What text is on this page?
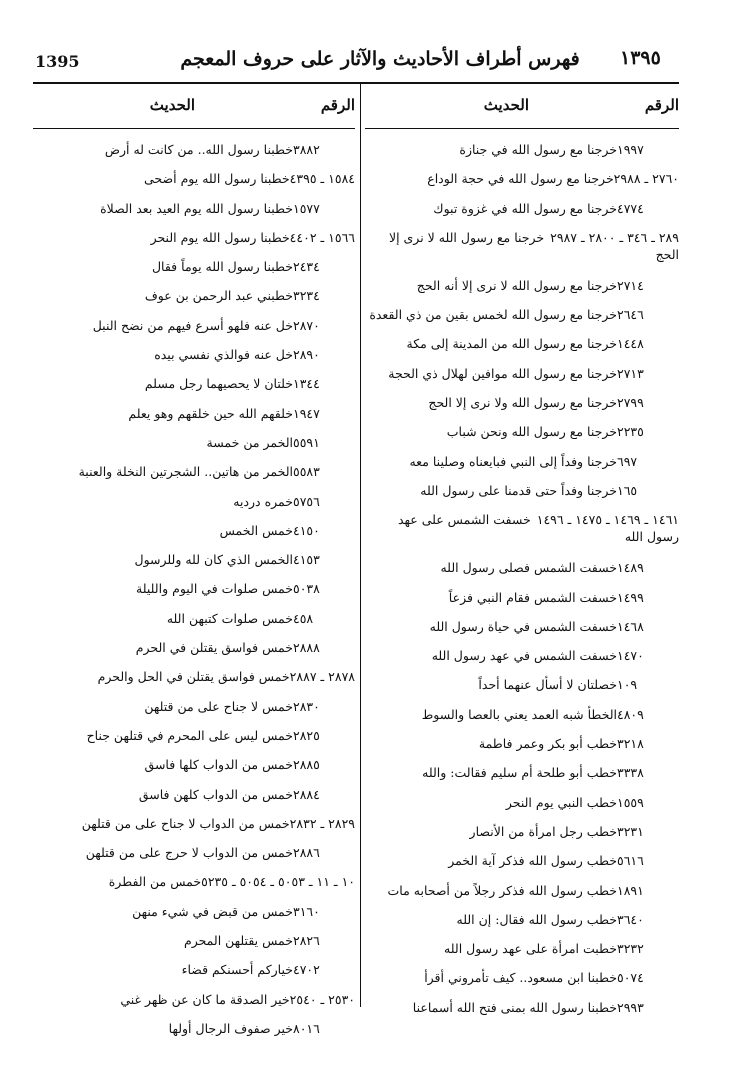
1395	فهرس أطراف الأحاديث والآثار على حروف المعجم ١٣٩٥
الرقم
الحديث
١٩٩٧
خرجنا مع رسول الله في جنازة
٢٧٦٠ ـ ٢٩٨٨
خرجنا مع رسول الله في حجة الوداع
٤٧٧٤
خرجنا مع رسول الله في غزوة تبوك
٢٨٩ ـ ٣٤٦ ـ ٢٨٠٠ ـ ٢٩٨٧خرجنا مع رسول الله لا نرى إلا الحج
٢٧١٤
خرجنا مع رسول الله لا نرى إلا أنه الحج
٢٦٤٦
خرجنا مع رسول الله لخمس بقين من ذي القعدة
١٤٤٨
خرجنا مع رسول الله من المدينة إلى مكة
٢٧١٣
خرجنا مع رسول الله موافين لهلال ذي الحجة
٢٧٩٩
خرجنا مع رسول الله ولا نرى إلا الحج
٢٢٣٥
خرجنا مع رسول الله ونحن شباب
٦٩٧
خرجنا وفداً إلى النبي فبايعناه وصلينا معه
١٦٥
خرجنا وفداً حتى قدمنا على رسول الله
١٤٦١ ـ ١٤٦٩ ـ ١٤٧٥ ـ ١٤٩٦خسفت الشمس على عهد رسول الله
١٤٨٩
خسفت الشمس فصلى رسول الله
١٤٩٩
خسفت الشمس فقام النبي فزعاً
١٤٦٨
خسفت الشمس في حياة رسول الله
١٤٧٠
خسفت الشمس في عهد رسول الله
١٠٩
خصلتان لا أسأل عنهما أحداً
٤٨٠٩
الخطأ شبه العمد يعني بالعصا والسوط
٣٢١٨
خطب أبو بكر وعمر فاطمة
٣٣٣٨
خطب أبو طلحة أم سليم فقالت: والله
١٥٥٩
خطب النبي يوم النحر
٣٢٣١
خطب رجل امرأة من الأنصار
٥٦١٦
خطب رسول الله فذكر آية الخمر
١٨٩١
خطب رسول الله فذكر رجلاً من أصحابه مات
٣٦٤٠
خطب رسول الله فقال: إن الله
٣٢٣٢
خطبت امرأة على عهد رسول الله
٥٠٧٤
خطبنا ابن مسعود.. كيف تأمروني أقرأ
٢٩٩٣
خطبنا رسول الله بمنى فتح الله أسماعنا
الرقم
الحديث
٣٨٨٢
خطبنا رسول الله.. من كانت له أرض
١٥٨٤ ـ ٤٣٩٥
خطبنا رسول الله يوم أضحى
١٥٧٧
خطبنا رسول الله يوم العيد بعد الصلاة
١٥٦٦ ـ ٤٤٠٢
خطبنا رسول الله يوم النحر
٢٤٣٤
خطبنا رسول الله يوماً فقال
٣٢٣٤
خطبني عبد الرحمن بن عوف
٢٨٧٠
خل عنه فلهو أسرع فيهم من نضح النبل
٢٨٩٠
خل عنه فوالذي نفسي بيده
١٣٤٤
خلتان لا يحصيهما رجل مسلم
١٩٤٧
خلقهم الله حين خلقهم وهو يعلم
٥٥٩١
الخمر من خمسة
٥٥٨٣
الخمر من هاتين.. الشجرتين النخلة والعنبة
٥٧٥٦
خمره درديه
٤١٥٠
خمس الخمس
٤١٥٣
الخمس الذي كان لله وللرسول
٥٠٣٨
خمس صلوات في اليوم والليلة
٤٥٨
خمس صلوات كتبهن الله
٢٨٨٨
خمس فواسق يقتلن في الحرم
٢٨٧٨ ـ ٢٨٨٧
خمس فواسق يقتلن في الحل والحرم
٢٨٣٠
خمس لا جناح على من قتلهن
٢٨٢٥
خمس ليس على المحرم في قتلهن جناح
٢٨٨٥
خمس من الدواب كلها فاسق
٢٨٨٤
خمس من الدواب كلهن فاسق
٢٨٢٩ ـ ٢٨٣٢
خمس من الدواب لا جناح على من قتلهن
٢٨٨٦
خمس من الدواب لا حرج على من قتلهن
١٠ ـ ١١ ـ ٥٠٥٣ ـ ٥٠٥٤ ـ ٥٢٣٥
خمس من الفطرة
٣١٦٠
خمس من قبض في شيء منهن
٢٨٢٦
خمس يقتلهن المحرم
٤٧٠٢
خياركم أحسنكم قضاء
٢٥٣٠ ـ ٢٥٤٠
خير الصدقة ما كان عن ظهر غني
٨٠١٦
خير صفوف الرجال أولها
